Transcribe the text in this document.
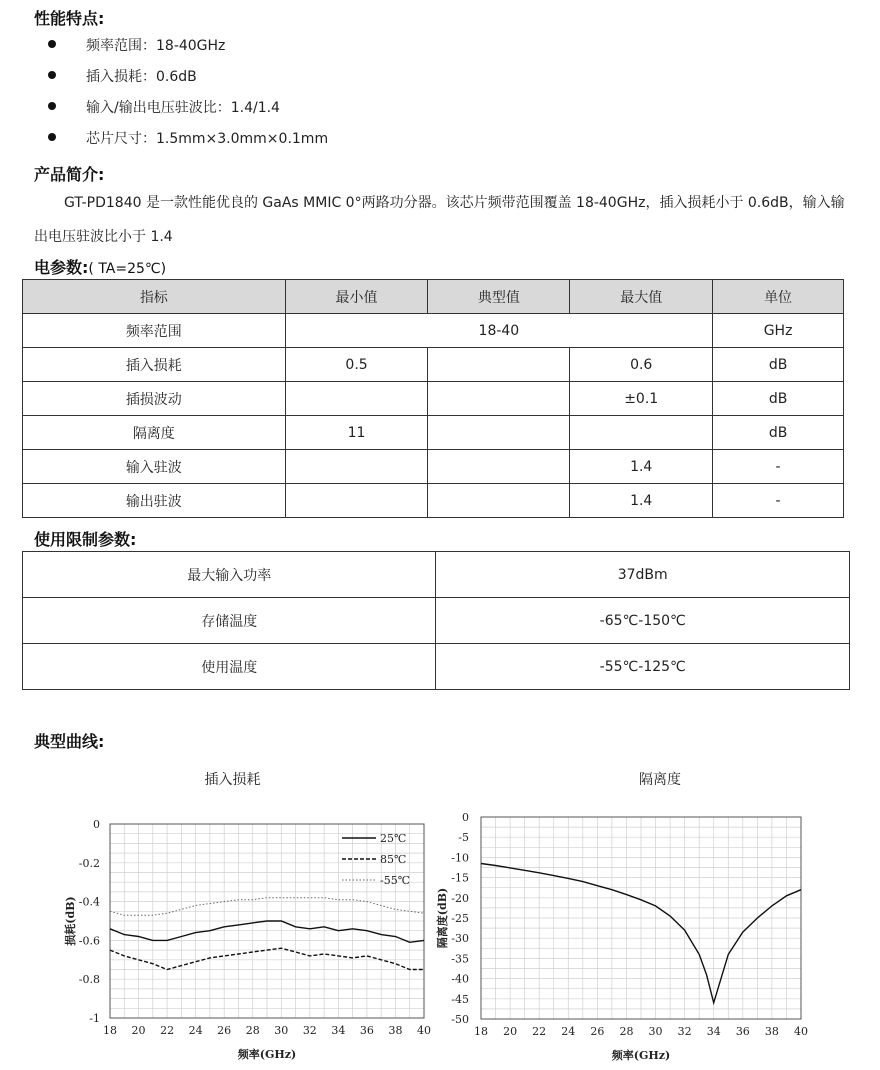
性能特点:
频率范围：18-40GHz
插入损耗：0.6dB
输入/输出电压驻波比：1.4/1.4
芯片尺寸：1.5mm×3.0mm×0.1mm
产品简介:
GT-PD1840 是一款性能优良的 GaAs MMIC 0°两路功分器。该芯片频带范围覆盖 18-40GHz，插入损耗小于 0.6dB，输入输出电压驻波比小于 1.4
电参数:( TA=25℃)
指标	最小值	典型值	最大值	单位
频率范围	18-40			GHz
插入损耗	0.5		0.6	dB
插损波动			±0.1	dB
隔离度	11			dB
输入驻波			1.4	-
输出驻波			1.4	-
使用限制参数:
最大输入功率	37dBm
存储温度	-65℃-150℃
使用温度	-55℃-125℃
典型曲线:
插入损耗	隔离度
18 20 22 24 26 28 30 32 34 36 38 40
0
-0.2
-0.4
-0.6
-0.8
-1
频率(GHz)
损耗(dB)
25℃
85℃
-55℃
18 20 22 24 26 28 30 32 34 36 38 40
0
-5
-10
-15
-20
-25
-30
-35
-40
-45
-50
频率(GHz)
隔离度(dB)
